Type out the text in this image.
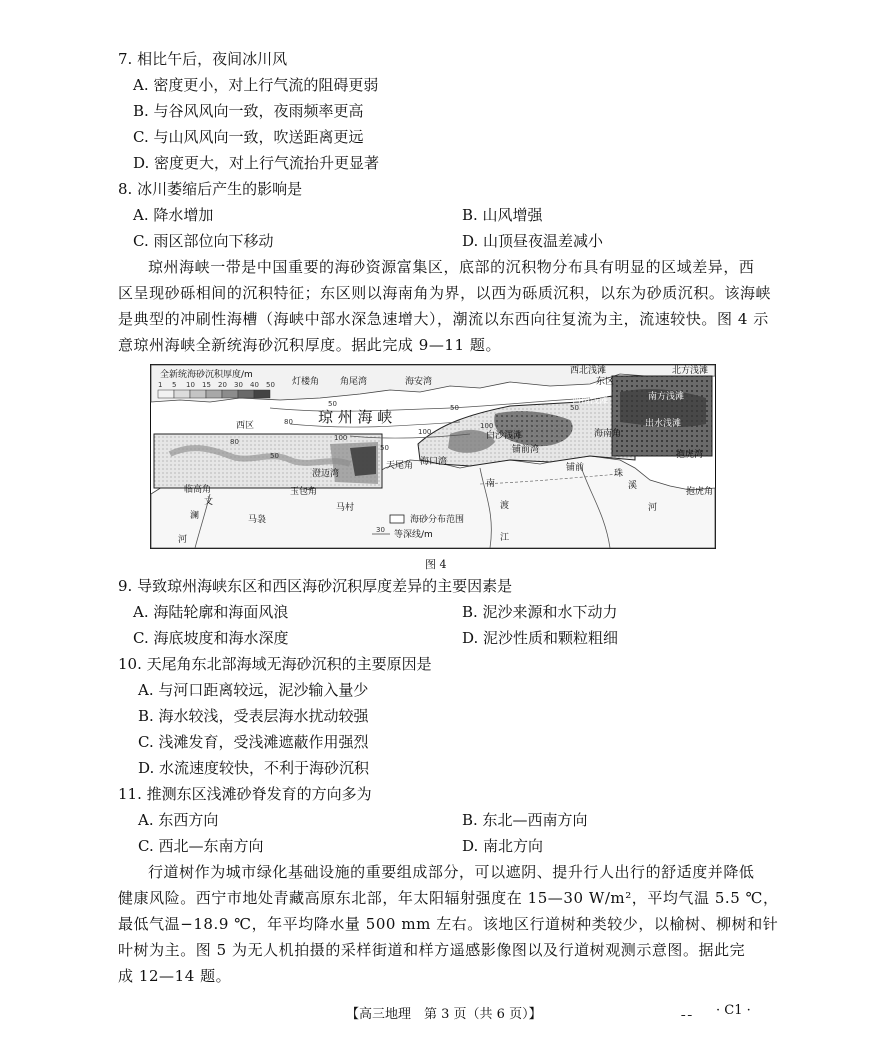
7. 相比午后，夜间冰川风
A. 密度更小，对上行气流的阻碍更弱
B. 与谷风风向一致，夜雨频率更高
C. 与山风风向一致，吹送距离更远
D. 密度更大，对上行气流抬升更显著
8. 冰川萎缩后产生的影响是
A. 降水增加	B. 山风增强
C. 雨区部位向下移动	D. 山顶昼夜温差减小
琼州海峡一带是中国重要的海砂资源富集区，底部的沉积物分布具有明显的区域差异，西
区呈现砂砾相间的沉积特征；东区则以海南角为界，以西为砾质沉积，以东为砂质沉积。该海峡
是典型的冲刷性海槽（海峡中部水深急速增大），潮流以东西向往复流为主，流速较快。图 4 示
意琼州海峡全新统海砂沉积厚度。据此完成 9—11 题。
全新统海砂沉积厚度/m
1 5 10 15 20 30 40 50
海砂分布范围
30 等深线/m
灯楼角 角尾湾	海安湾
西北浅滩	北方浅滩
东区
西南浅滩	南方浅滩
出水浅滩
海南角
抱虎湾
白沙浅滩
铺前湾
琼 州 海 峡
西区
澄迈湾
天尾角 海口湾
铺前
珠
溪
河
抱虎角
临高角
文
澜
河
玉包角
马袅
马村
南
渡
江
50
80
100
50
50
100
50
50
80
100
图 4
9. 导致琼州海峡东区和西区海砂沉积厚度差异的主要因素是
A. 海陆轮廓和海面风浪	B. 泥沙来源和水下动力
C. 海底坡度和海水深度	D. 泥沙性质和颗粒粗细
10. 天尾角东北部海域无海砂沉积的主要原因是
A. 与河口距离较远，泥沙输入量少
B. 海水较浅，受表层海水扰动较强
C. 浅滩发育，受浅滩遮蔽作用强烈
D. 水流速度较快，不利于海砂沉积
11. 推测东区浅滩砂脊发育的方向多为
A. 东西方向	B. 东北—西南方向
C. 西北—东南方向	D. 南北方向
行道树作为城市绿化基础设施的重要组成部分，可以遮阴、提升行人出行的舒适度并降低
健康风险。西宁市地处青藏高原东北部，年太阳辐射强度在 15—30 W/m²，平均气温 5.5 ℃，
最低气温−18.9 ℃，年平均降水量 500 mm 左右。该地区行道树种类较少，以榆树、柳树和针
叶树为主。图 5 为无人机拍摄的采样街道和样方遥感影像图以及行道树观测示意图。据此完
成 12—14 题。
【高三地理　第 3 页（共 6 页）】	ˍˍ · C1 ·
